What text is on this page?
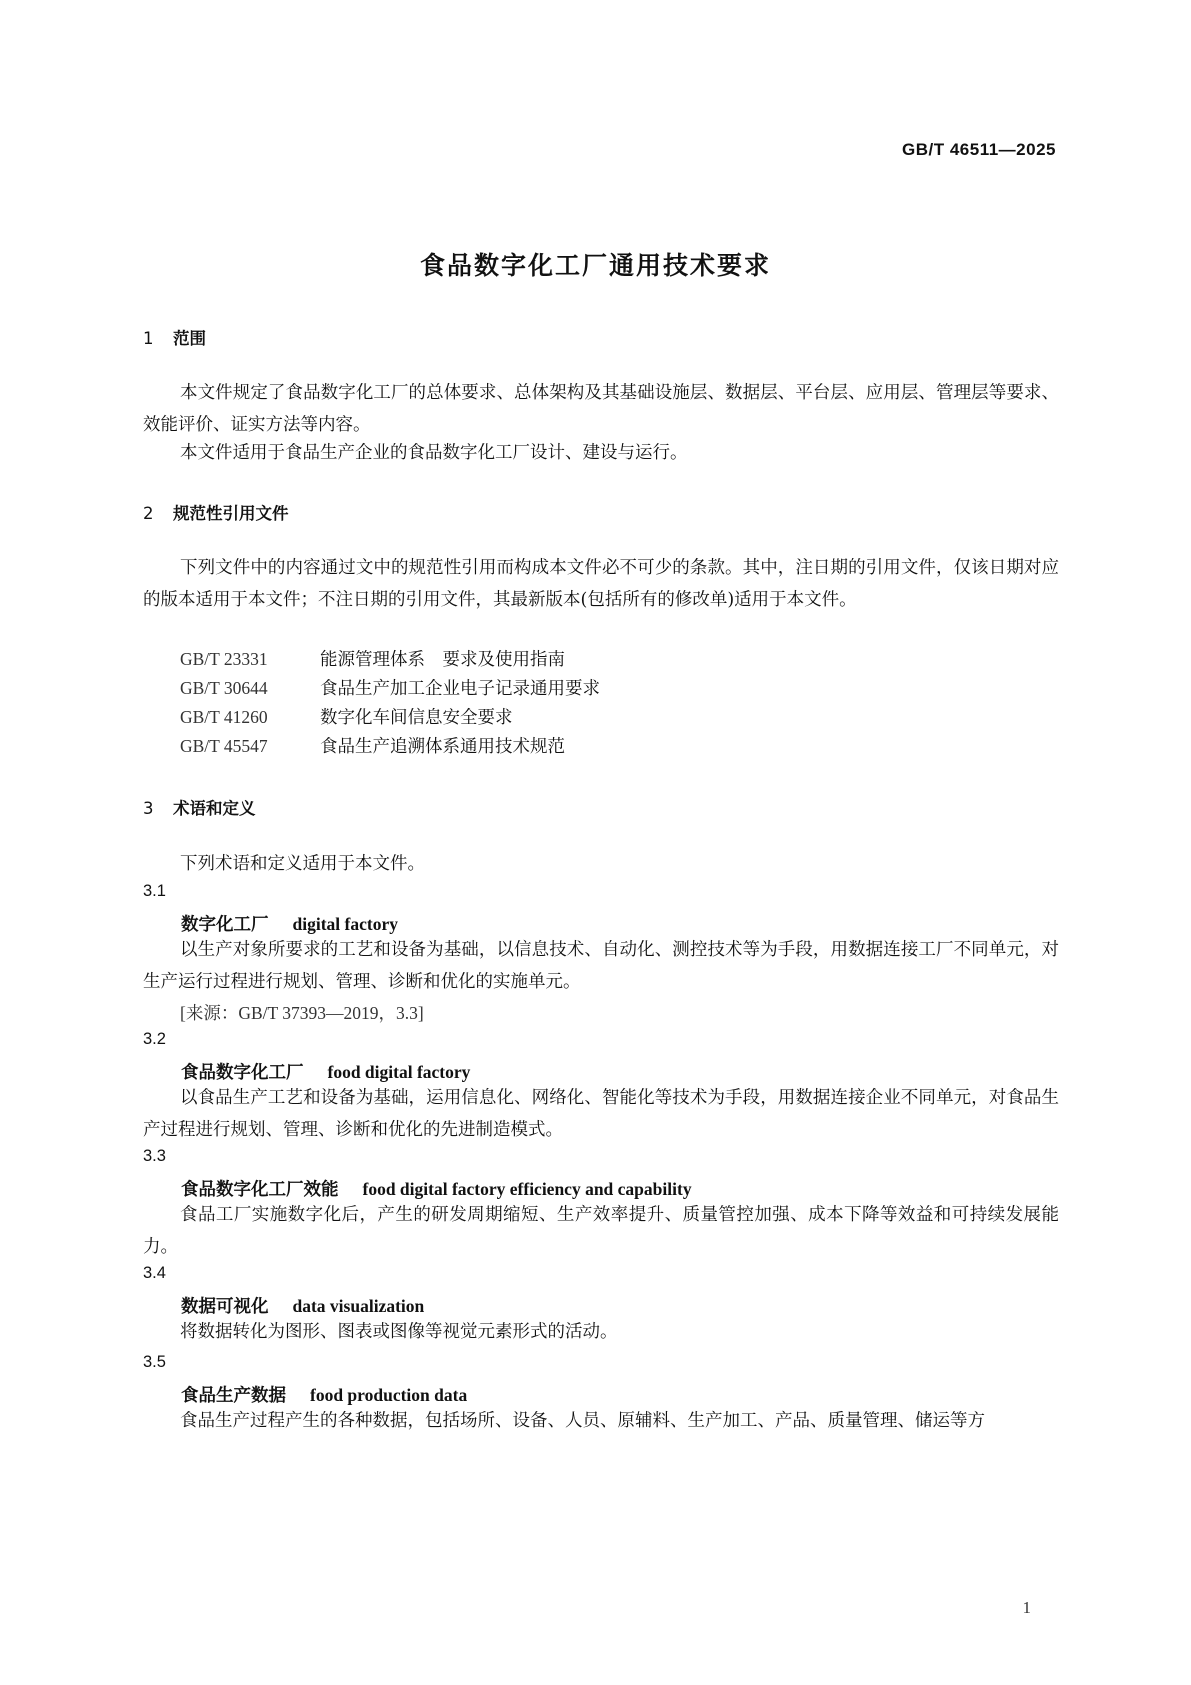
GB/T 46511—2025
食品数字化工厂通用技术要求
1 范围
本文件规定了食品数字化工厂的总体要求、总体架构及其基础设施层、数据层、平台层、应用层、管理层等要求、效能评价、证实方法等内容。
本文件适用于食品生产企业的食品数字化工厂设计、建设与运行。
2 规范性引用文件
下列文件中的内容通过文中的规范性引用而构成本文件必不可少的条款。其中，注日期的引用文件，仅该日期对应的版本适用于本文件；不注日期的引用文件，其最新版本(包括所有的修改单)适用于本文件。
GB/T 23331	能源管理体系　要求及使用指南
GB/T 30644	食品生产加工企业电子记录通用要求
GB/T 41260	数字化车间信息安全要求
GB/T 45547	食品生产追溯体系通用技术规范
3 术语和定义
下列术语和定义适用于本文件。
3.1
数字化工厂 digital factory
以生产对象所要求的工艺和设备为基础，以信息技术、自动化、测控技术等为手段，用数据连接工厂不同单元，对生产运行过程进行规划、管理、诊断和优化的实施单元。
[来源：GB/T 37393—2019，3.3]
3.2
食品数字化工厂 food digital factory
以食品生产工艺和设备为基础，运用信息化、网络化、智能化等技术为手段，用数据连接企业不同单元，对食品生产过程进行规划、管理、诊断和优化的先进制造模式。
3.3
食品数字化工厂效能 food digital factory efficiency and capability
食品工厂实施数字化后，产生的研发周期缩短、生产效率提升、质量管控加强、成本下降等效益和可持续发展能力。
3.4
数据可视化 data visualization
将数据转化为图形、图表或图像等视觉元素形式的活动。
3.5
食品生产数据 food production data
食品生产过程产生的各种数据，包括场所、设备、人员、原辅料、生产加工、产品、质量管理、储运等方
1
